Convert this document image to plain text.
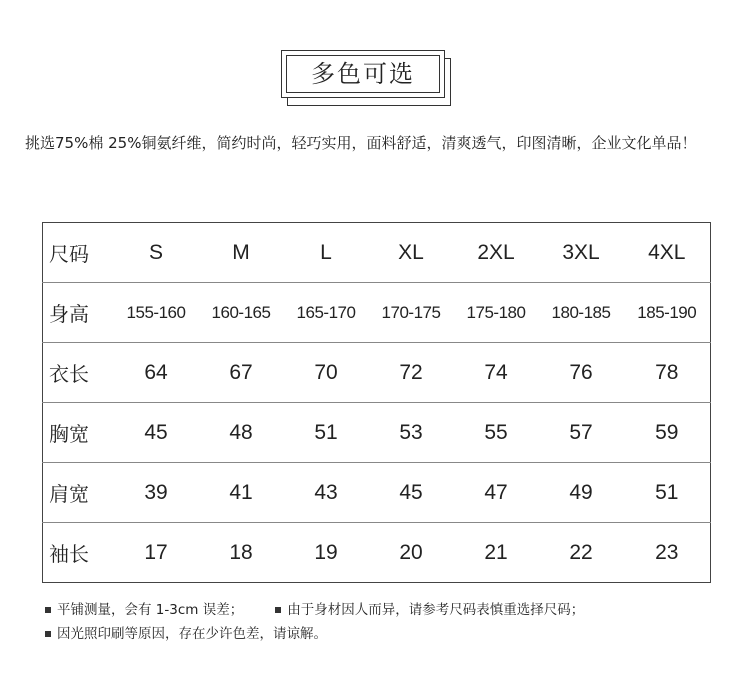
多色可选

挑选75%棉 25%铜氨纤维，简约时尚，轻巧实用，面料舒适，清爽透气，印图清晰，企业文化单品！

尺码	S	M	L	XL	2XL	3XL	4XL
身高	155-160	160-165	165-170	170-175	175-180	180-185	185-190
衣长	64	67	70	72	74	76	78
胸宽	45	48	51	53	55	57	59
肩宽	39	41	43	45	47	49	51
袖长	17	18	19	20	21	22	23
平铺测量，会有 1-3cm 误差；	由于身材因人而异，请参考尺码表慎重选择尺码；
因光照印刷等原因，存在少许色差，请谅解。
